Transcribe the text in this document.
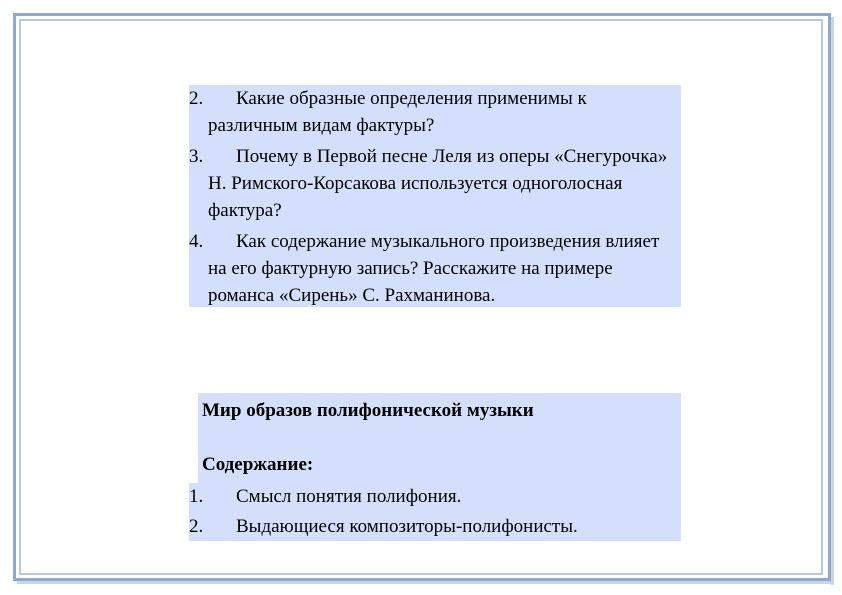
2.	Какие образные определения применимы к различным видам фактуры?
3.	Почему в Первой песне Леля из оперы «Снегурочка» Н. Римского-Корсакова используется одноголосная фактура?
4.	Как содержание музыкального произведения влияет на его фактурную запись? Расскажите на примере романса «Сирень» С. Рахманинова.
Мир образов полифонической музыки
Содержание:
1. Смысл понятия полифония.
2. Выдающиеся композиторы-полифонисты.
